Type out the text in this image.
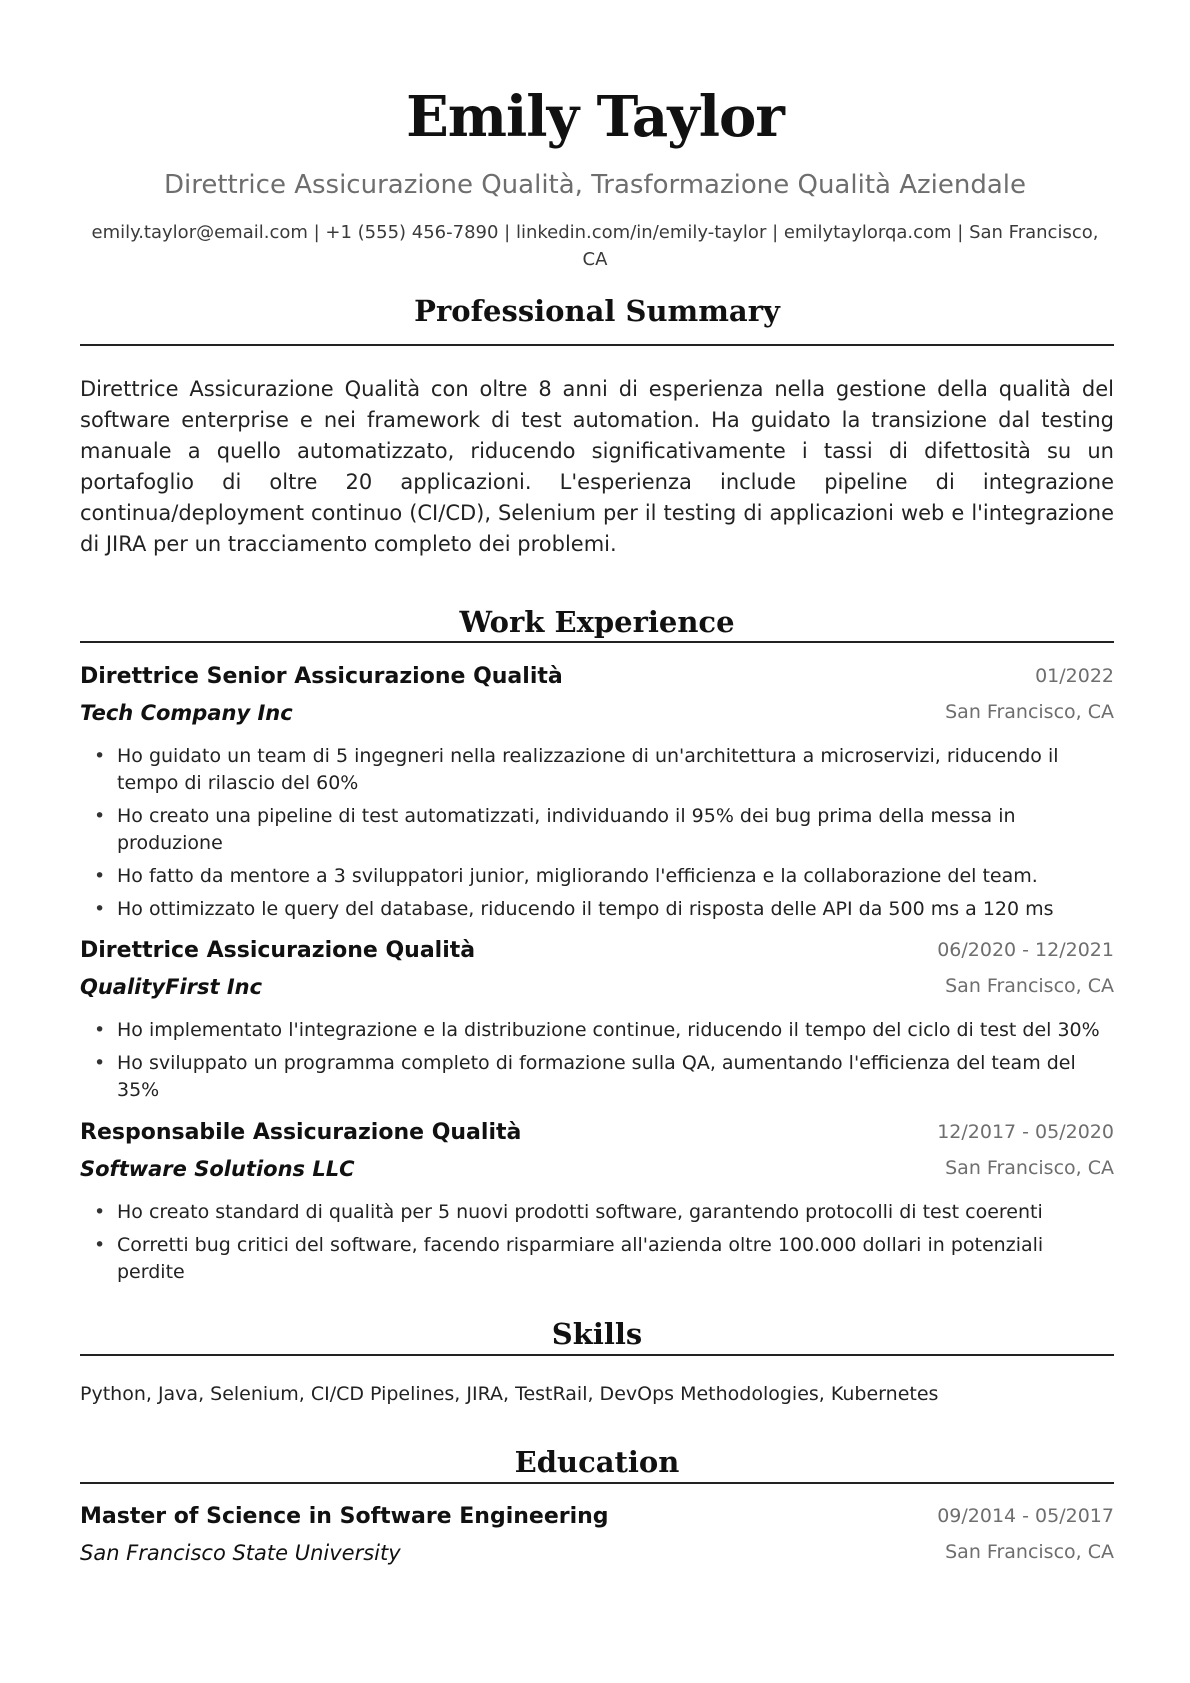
Emily Taylor
Direttrice Assicurazione Qualità, Trasformazione Qualità Aziendale
emily.taylor@email.com | +1 (555) 456-7890 | linkedin.com/in/emily-taylor | emilytaylorqa.com | San Francisco, CA
Professional Summary
Direttrice Assicurazione Qualità con oltre 8 anni di esperienza nella gestione della qualità del software enterprise e nei framework di test automation. Ha guidato la transizione dal testing manuale a quello automatizzato, riducendo significativamente i tassi di difettosità su un portafoglio di oltre 20 applicazioni. L'esperienza include pipeline di integrazione continua/deployment continuo (CI/CD), Selenium per il testing di applicazioni web e l'integrazione di JIRA per un tracciamento completo dei problemi.
Work Experience
Direttrice Senior Assicurazione Qualità	01/2022
Tech Company Inc	San Francisco, CA
• Ho guidato un team di 5 ingegneri nella realizzazione di un'architettura a microservizi, riducendo il tempo di rilascio del 60%
• Ho creato una pipeline di test automatizzati, individuando il 95% dei bug prima della messa in produzione
• Ho fatto da mentore a 3 sviluppatori junior, migliorando l'efficienza e la collaborazione del team.
• Ho ottimizzato le query del database, riducendo il tempo di risposta delle API da 500 ms a 120 ms
Direttrice Assicurazione Qualità	06/2020 - 12/2021
QualityFirst Inc	San Francisco, CA
• Ho implementato l'integrazione e la distribuzione continue, riducendo il tempo del ciclo di test del 30%
• Ho sviluppato un programma completo di formazione sulla QA, aumentando l'efficienza del team del 35%
Responsabile Assicurazione Qualità	12/2017 - 05/2020
Software Solutions LLC	San Francisco, CA
• Ho creato standard di qualità per 5 nuovi prodotti software, garantendo protocolli di test coerenti
• Corretti bug critici del software, facendo risparmiare all'azienda oltre 100.000 dollari in potenziali perdite
Skills
Python, Java, Selenium, CI/CD Pipelines, JIRA, TestRail, DevOps Methodologies, Kubernetes
Education
Master of Science in Software Engineering	09/2014 - 05/2017
San Francisco State University	San Francisco, CA
